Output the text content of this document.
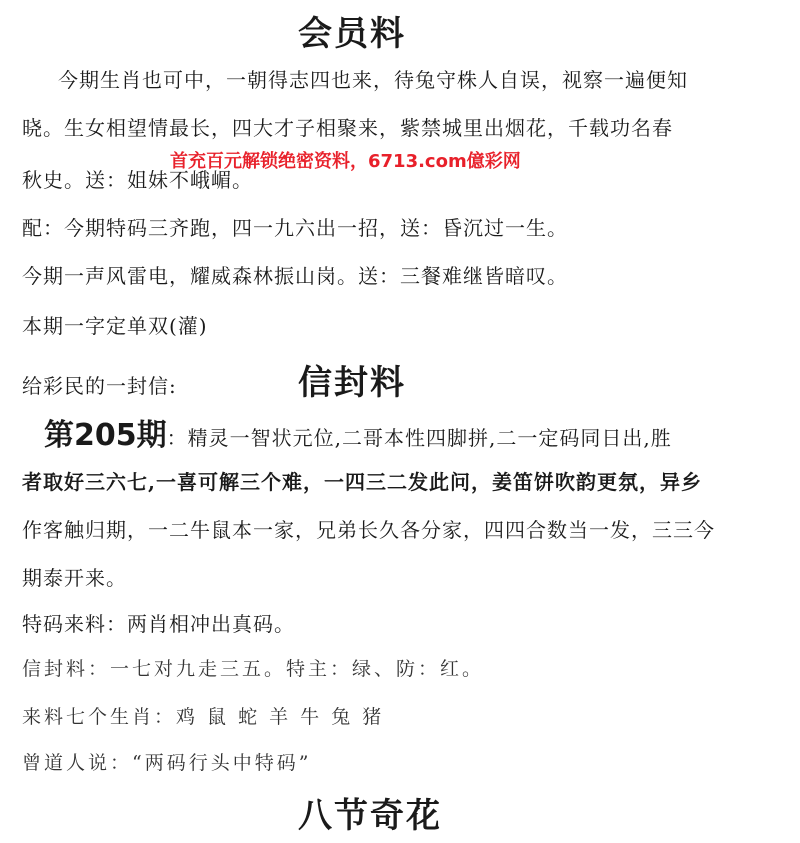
会员料
今期生肖也可中，一朝得志四也来，待兔守株人自误，视察一遍便知
晓。生女相望情最长，四大才子相聚来，紫禁城里出烟花，千载功名春
首充百元解锁绝密资料，6713.com億彩网
秋史。送：姐妹不峨嵋。
配：今期特码三齐跑，四一九六出一招，送：昏沉过一生。
今期一声风雷电，耀威森林振山岗。送：三餐难继皆暗叹。
本期一字定单双(灌)
给彩民的一封信:	信封料
第205期：精灵一智状元位,二哥本性四脚拼,二一定码同日出,胜
者取好三六七,一喜可解三个难，一四三二发此问，姜笛饼吹韵更氛，异乡
作客触归期，一二牛鼠本一家，兄弟长久各分家，四四合数当一发，三三今
期泰开来。
特码来料：两肖相冲出真码。
信封料：一七对九走三五。特主：绿、防：红。
来料七个生肖：鸡 鼠 蛇 羊 牛 兔 猪
曾道人说：“两码行头中特码”
八节奇花
